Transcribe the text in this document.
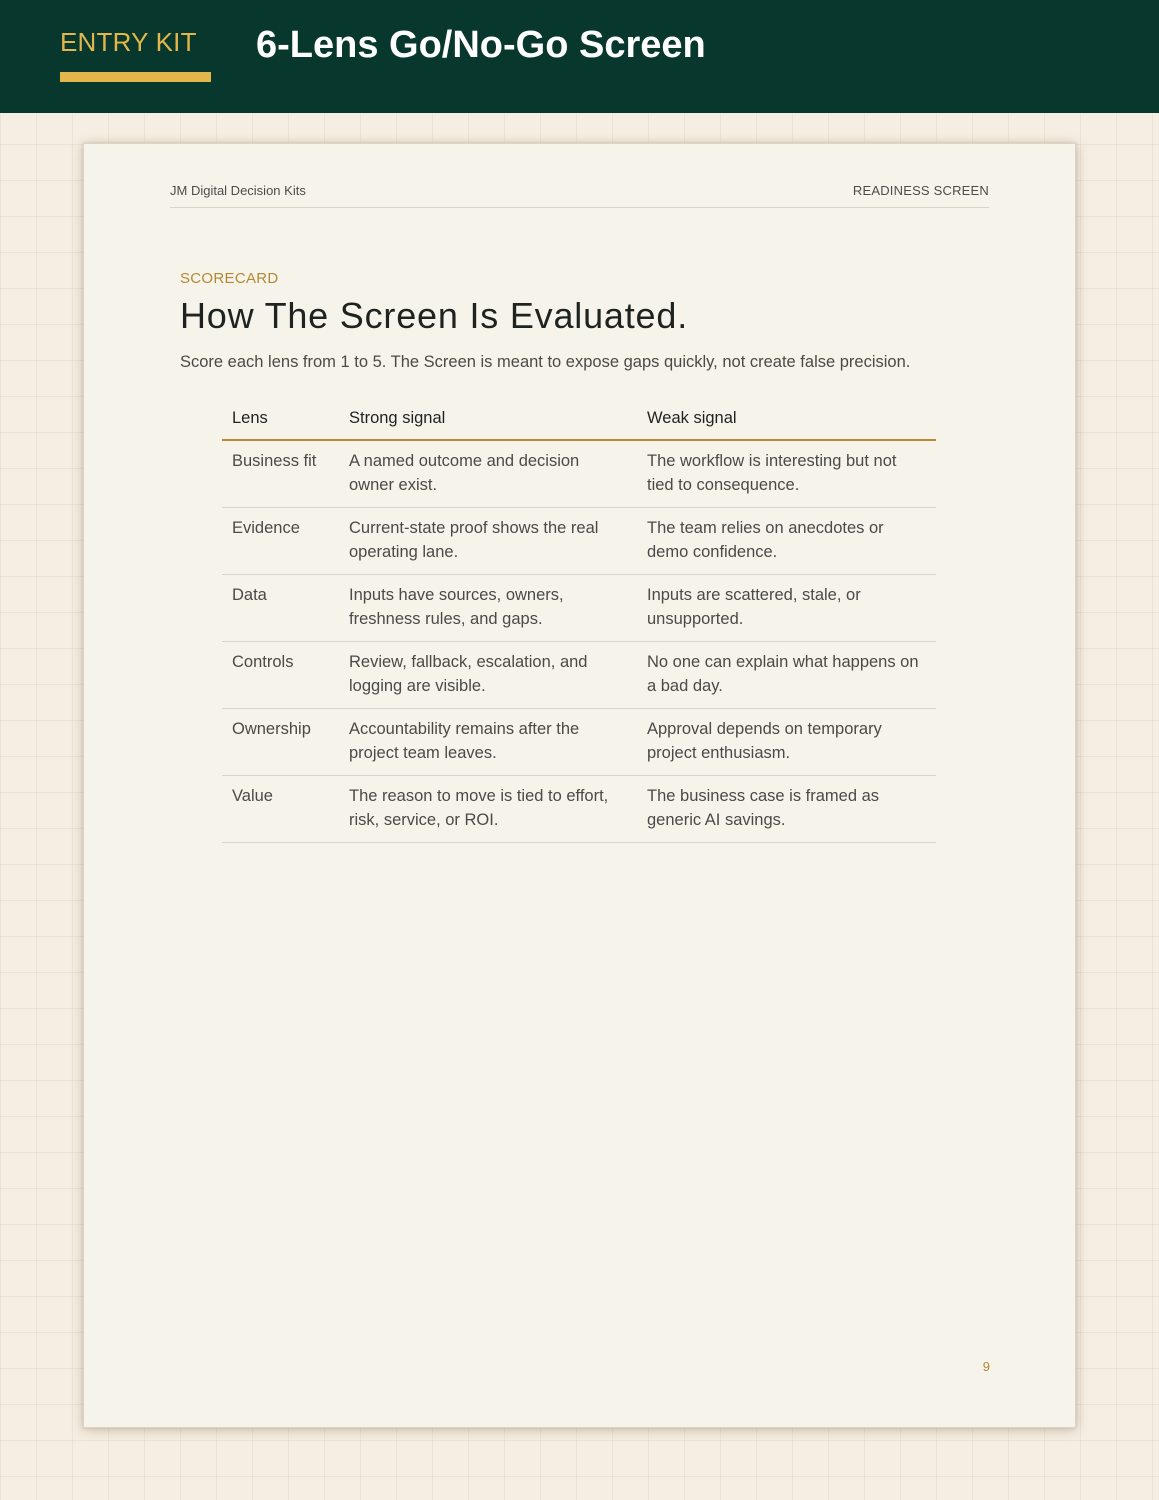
ENTRY KIT 6-Lens Go/No-Go Screen
JM Digital Decision Kits	READINESS SCREEN
SCORECARD
How The Screen Is Evaluated.
Score each lens from 1 to 5. The Screen is meant to expose gaps quickly, not create false precision.
Lens	Strong signal	Weak signal
Business fit	A named outcome and decision owner exist.	The workflow is interesting but not tied to consequence.
Evidence	Current-state proof shows the real operating lane.	The team relies on anecdotes or demo confidence.
Data	Inputs have sources, owners, freshness rules, and gaps.	Inputs are scattered, stale, or unsupported.
Controls	Review, fallback, escalation, and logging are visible.	No one can explain what happens on a bad day.
Ownership	Accountability remains after the project team leaves.	Approval depends on temporary project enthusiasm.
Value	The reason to move is tied to effort, risk, service, or ROI.	The business case is framed as generic AI savings.
9
